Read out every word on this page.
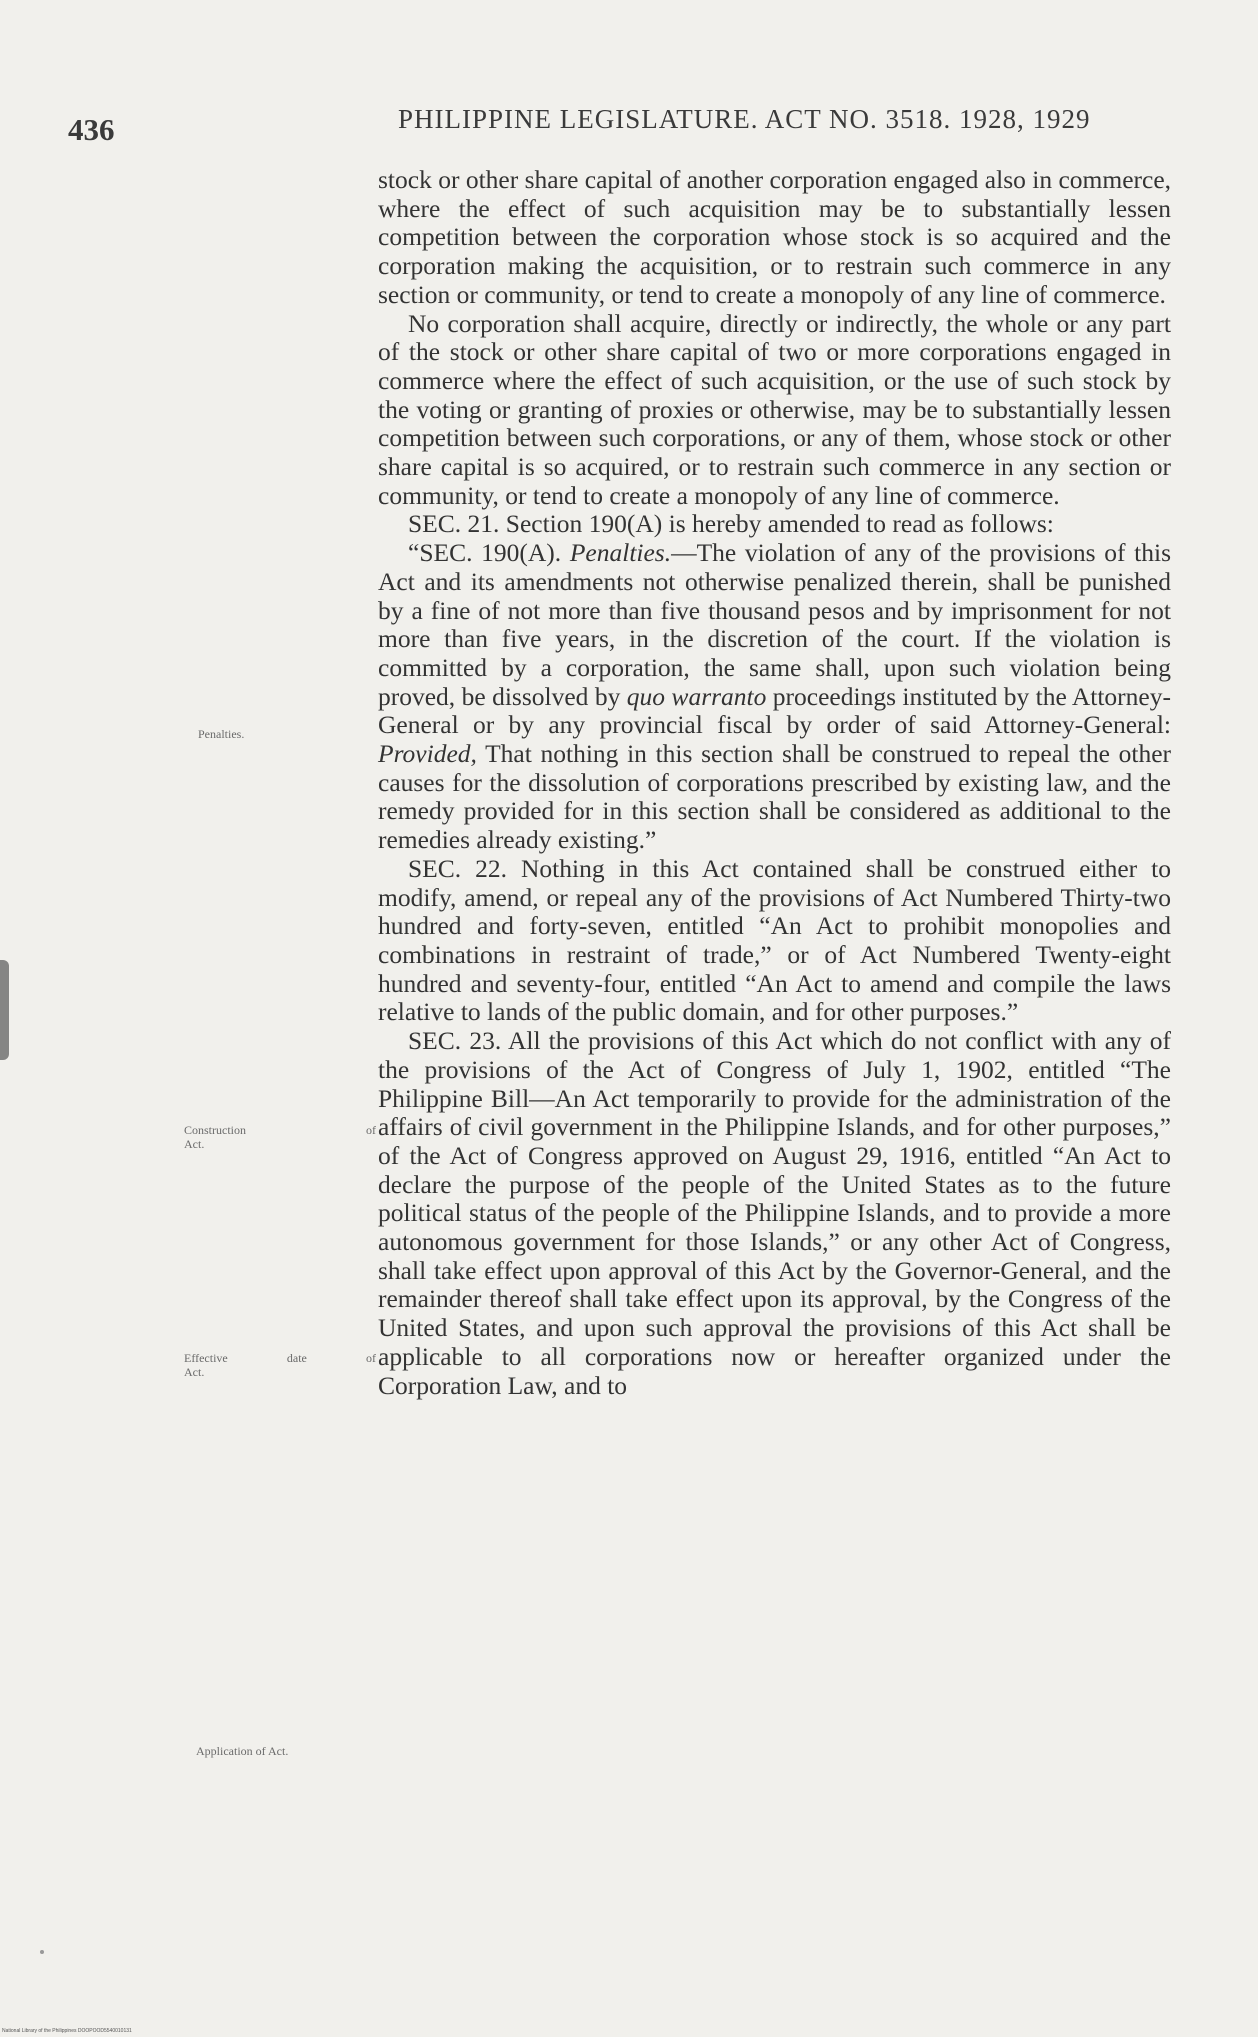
436	PHILIPPINE LEGISLATURE. ACT NO. 3518. 1928, 1929
Penalties.
Construction	of
Act.
Effective	date	of
Act.
Application of Act.

stock or other share capital of another corporation engaged also in commerce, where the effect of such acquisition may be to substantially lessen competition between the corporation whose stock is so acquired and the corporation making the acquisition, or to restrain such commerce in any section or community, or tend to create a monopoly of any line of commerce.

No corporation shall acquire, directly or indirectly, the whole or any part of the stock or other share capital of two or more corporations engaged in commerce where the effect of such acquisition, or the use of such stock by the voting or granting of proxies or otherwise, may be to substantially lessen competition between such corporations, or any of them, whose stock or other share capital is so acquired, or to restrain such commerce in any section or community, or tend to create a monopoly of any line of commerce.

SEC. 21. Section 190(A) is hereby amended to read as follows:

“SEC. 190(A). Penalties.—The violation of any of the provisions of this Act and its amendments not otherwise penalized therein, shall be punished by a fine of not more than five thousand pesos and by imprisonment for not more than five years, in the discretion of the court. If the violation is committed by a corporation, the same shall, upon such violation being proved, be dissolved by quo warranto proceedings instituted by the Attorney-General or by any provincial fiscal by order of said Attorney-General: Provided, That nothing in this section shall be construed to repeal the other causes for the dissolution of corporations prescribed by existing law, and the remedy provided for in this section shall be considered as additional to the remedies already existing.”

SEC. 22. Nothing in this Act contained shall be construed either to modify, amend, or repeal any of the provisions of Act Numbered Thirty-two hundred and forty-seven, entitled “An Act to prohibit monopolies and combinations in restraint of trade,” or of Act Numbered Twenty-eight hundred and seventy-four, entitled “An Act to amend and compile the laws relative to lands of the public domain, and for other purposes.”

SEC. 23. All the provisions of this Act which do not conflict with any of the provisions of the Act of Congress of July 1, 1902, entitled “The Philippine Bill—An Act temporarily to provide for the administration of the affairs of civil government in the Philippine Islands, and for other purposes,” of the Act of Congress approved on August 29, 1916, entitled “An Act to declare the purpose of the people of the United States as to the future political status of the people of the Philippine Islands, and to provide a more autonomous government for those Islands,” or any other Act of Congress, shall take effect upon approval of this Act by the Governor-General, and the remainder thereof shall take effect upon its approval, by the Congress of the United States, and upon such approval the provisions of this Act shall be applicable to all corporations now or hereafter organized under the Corporation Law, and to

National Library of the Philippines DOOPOOD5540010131
